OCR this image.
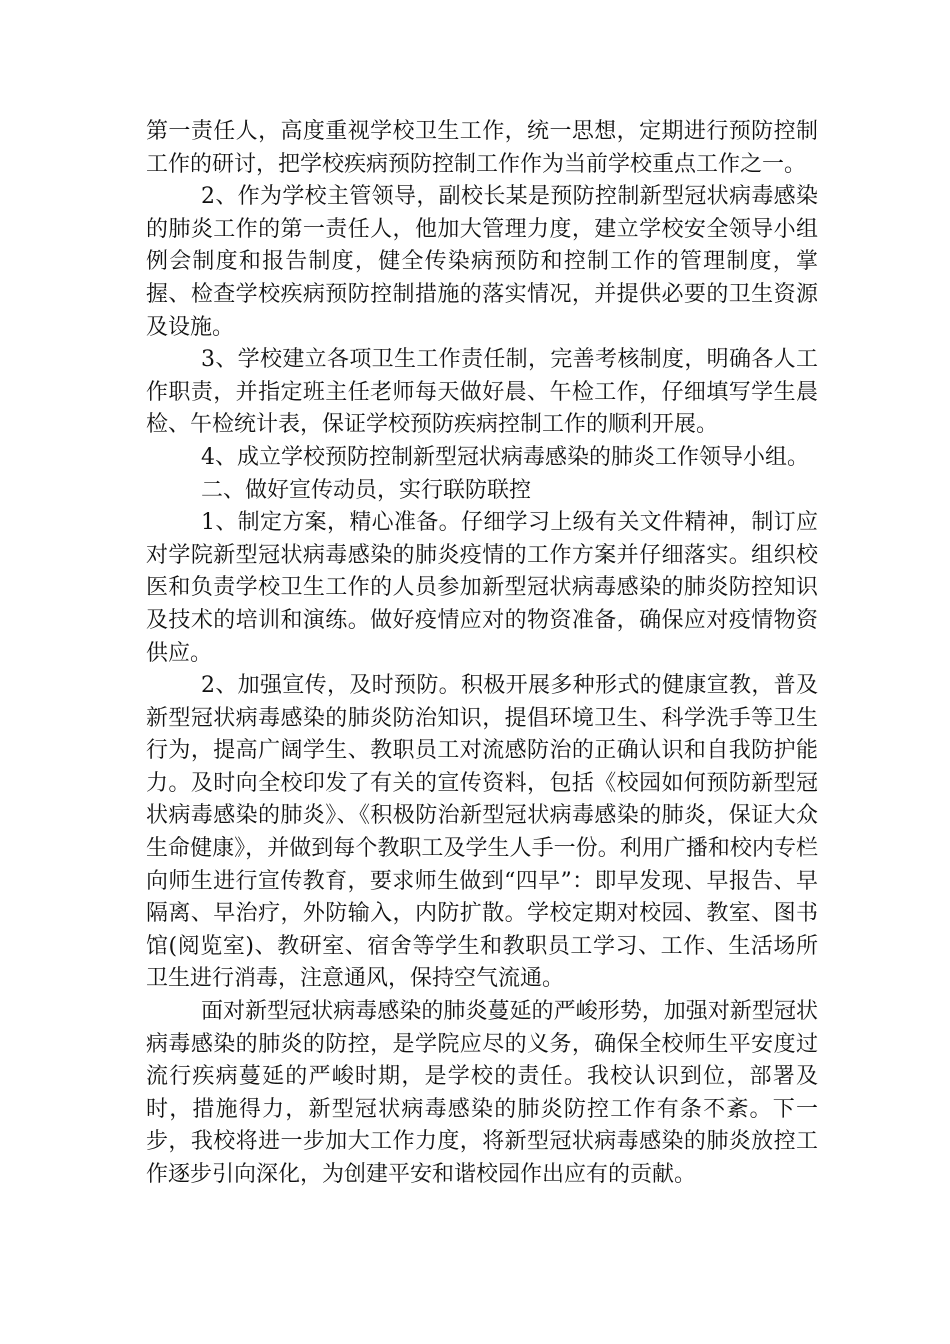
第一责任人，高度重视学校卫生工作，统一思想，定期进行预防控制工作的研讨，把学校疾病预防控制工作作为当前学校重点工作之一。

2、作为学校主管领导，副校长某是预防控制新型冠状病毒感染的肺炎工作的第一责任人，他加大管理力度，建立学校安全领导小组例会制度和报告制度，健全传染病预防和控制工作的管理制度，掌握、检查学校疾病预防控制措施的落实情况，并提供必要的卫生资源及设施。

3、学校建立各项卫生工作责任制，完善考核制度，明确各人工作职责，并指定班主任老师每天做好晨、午检工作，仔细填写学生晨检、午检统计表，保证学校预防疾病控制工作的顺利开展。

4、成立学校预防控制新型冠状病毒感染的肺炎工作领导小组。

二、做好宣传动员，实行联防联控

1、制定方案，精心准备。仔细学习上级有关文件精神，制订应对学院新型冠状病毒感染的肺炎疫情的工作方案并仔细落实。组织校医和负责学校卫生工作的人员参加新型冠状病毒感染的肺炎防控知识及技术的培训和演练。做好疫情应对的物资准备，确保应对疫情物资供应。

2、加强宣传，及时预防。积极开展多种形式的健康宣教，普及新型冠状病毒感染的肺炎防治知识，提倡环境卫生、科学洗手等卫生行为，提高广阔学生、教职员工对流感防治的正确认识和自我防护能力。及时向全校印发了有关的宣传资料，包括《校园如何预防新型冠状病毒感染的肺炎》、《积极防治新型冠状病毒感染的肺炎，保证大众生命健康》，并做到每个教职工及学生人手一份。利用广播和校内专栏向师生进行宣传教育，要求师生做到“四早”：即早发现、早报告、早隔离、早治疗，外防输入，内防扩散。学校定期对校园、教室、图书馆(阅览室)、教研室、宿舍等学生和教职员工学习、工作、生活场所卫生进行消毒，注意通风，保持空气流通。

面对新型冠状病毒感染的肺炎蔓延的严峻形势，加强对新型冠状病毒感染的肺炎的防控，是学院应尽的义务，确保全校师生平安度过流行疾病蔓延的严峻时期，是学校的责任。我校认识到位，部署及时，措施得力，新型冠状病毒感染的肺炎防控工作有条不紊。下一步，我校将进一步加大工作力度，将新型冠状病毒感染的肺炎放控工作逐步引向深化，为创建平安和谐校园作出应有的贡献。
